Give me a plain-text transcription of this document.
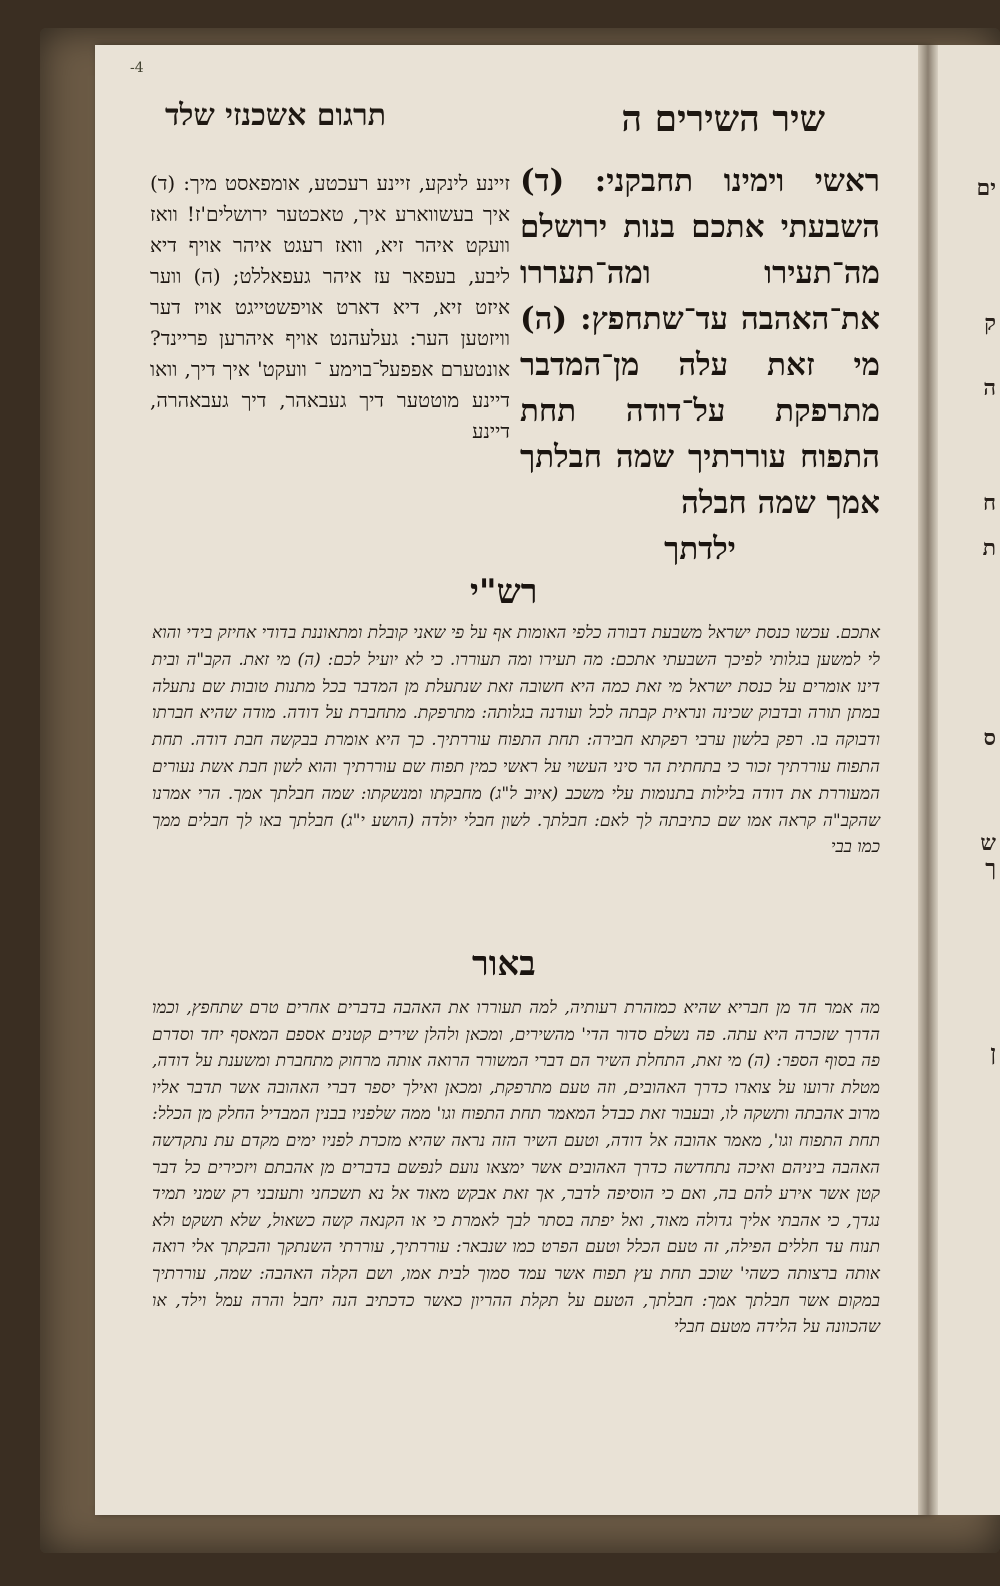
ים
ק
ה
ח
ת
ס
ש
ך
ן
-4
שיר השירים ה
תרגום אשכנזי שלד

ראשי וימינו תחבקני: (ד) השבעתי אתכם בנות ירושלם מה־תעירו ומה־תעררו את־האהבה עד־שתחפץ: (ה) מי זאת עלה מן־המדבר מתרפקת על־דודה תחת התפוח עוררתיך שמה חבלתך אמך שמה חבלה

ילדתך

זיינע לינקע, זיינע רעכטע, אומפאסט מיך: (ד) איך בעשווארע איך, טאכטער ירושלים'ז! וואז וועקט איהר זיא, וואז רעגט איהר אויף דיא ליבע, בעפאר עז איהר געפאללט; (ה) ווער איזט זיא, דיא דארט אויפשטייגט אויז דער וויזטען הער: געלעהנט אויף איהרען פריינד? אונטערם אפפעל־בוימע ־ וועקט' איך דיך, וואו דיינע מוטטער דיך געבאהר, דיך געבאהרה, דיינע
רש"י
אתכם. עכשו כנסת ישראל משבעת דבורה כלפי האומות אף על פי שאני קובלת ומתאוננת בדודי אחיזק בידי והוא לי למשען בגלותי לפיכך השבעתי אתכם: מה תעירו ומה תעוררו. כי לא יועיל לכם: (ה) מי זאת. הקב"ה ובית דינו אומרים על כנסת ישראל מי זאת כמה היא חשובה זאת שנתעלת מן המדבר בכל מתנות טובות שם נתעלה במתן תורה ובדבוק שכינה ונראית קבתה לכל ועודנה בגלותה: מתרפקת. מתחברת על דודה. מודה שהיא חברתו ודבוקה בו. רפק בלשון ערבי רפקתא חבירה: תחת התפוח עוררתיך. כך היא אומרת בבקשה חבת דודה. תחת התפוח עוררתיך זכור כי בתחתית הר סיני העשוי על ראשי כמין תפוח שם עוררתיך והוא לשון חבת אשת נעורים המעוררת את דודה בלילות בתנומות עלי משכב (איוב ל"ג) מחבקתו ומנשקתו: שמה חבלתך אמך. הרי אמרנו שהקב"ה קראה אמו שם כתיבתה לך לאם: חבלתך. לשון חבלי יולדה (הושע י"ג) חבלתך באו לך חבלים ממך כמו בבי
באור
מה אמר חד מן חבריא שהיא כמזהרת רעותיה, למה תעוררו את האהבה בדברים אחרים טרם שתחפץ, וכמו הדרך שזכרה היא עתה. פה נשלם סדור הדי' מהשירים, ומכאן ולהלן שירים קטנים אספם המאסף יחד וסדרם פה בסוף הספר: (ה) מי זאת, התחלת השיר הם דברי המשורר הרואה אותה מרחוק מתחברת ומשענת על דודה, מטלת זרועו על צוארו כדרך האהובים, וזה טעם מתרפקת, ומכאן ואילך יספר דברי האהובה אשר תדבר אליו מרוב אהבתה ותשקה לו, ובעבור זאת כבדל המאמר תחת התפוח וגו' ממה שלפניו בבנין המבדיל החלק מן הכלל: תחת התפוח וגו', מאמר אהובה אל דודה, וטעם השיר הזה נראה שהיא מזכרת לפניו ימים מקדם עת נתקדשה האהבה ביניהם ואיכה נתחדשה כדרך האהובים אשר ימצאו נועם לנפשם בדברים מן אהבתם ויזכירים כל דבר קטן אשר אירע להם בה, ואם כי הוסיפה לדבר, אך זאת אבקש מאוד אל נא תשכחני ותעזבני רק שמני תמיד נגדך, כי אהבתי אליך גדולה מאוד, ואל יפתה בסתר לבך לאמרת כי או הקנאה קשה כשאול, שלא תשקט ולא תנוח עד חללים הפילה, זה טעם הכלל וטעם הפרט כמו שנבאר: עוררתיך, עוררתי השנתקך והבקתך אלי רואה אותה ברצותה כשהי' שוכב תחת עץ תפוח אשר עמד סמוך לבית אמו, ושם הקלה האהבה: שמה, עוררתיך במקום אשר חבלתך אמך: חבלתך, הטעם על תקלת ההריון כאשר כדכתיב הנה יחבל והרה עמל וילד, או שהכוונה על הלידה מטעם חבלי
